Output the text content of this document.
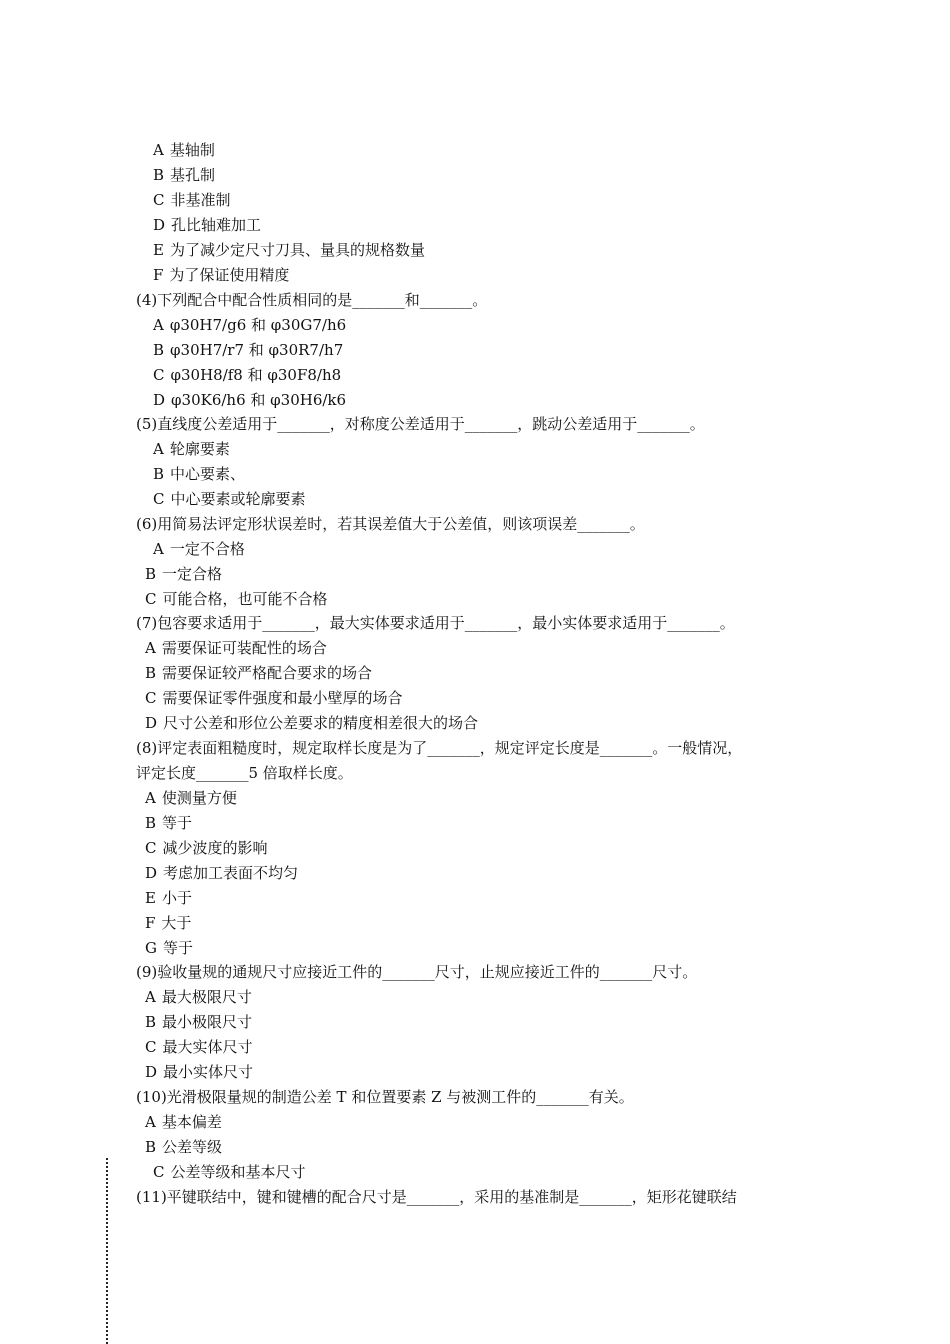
A 基轴制
B 基孔制
C 非基准制
D 孔比轴难加工
E 为了减少定尺寸刀具、量具的规格数量
F 为了保证使用精度
(4)下列配合中配合性质相同的是_______和_______。
A φ30H7/g6 和 φ30G7/h6
B φ30H7/r7 和 φ30R7/h7
C φ30H8/f8 和 φ30F8/h8
D φ30K6/h6 和 φ30H6/k6
(5)直线度公差适用于_______，对称度公差适用于_______，跳动公差适用于_______。
A 轮廓要素
B 中心要素、
C 中心要素或轮廓要素
(6)用简易法评定形状误差时，若其误差值大于公差值，则该项误差_______。
A 一定不合格
B 一定合格
C 可能合格，也可能不合格
(7)包容要求适用于_______，最大实体要求适用于_______，最小实体要求适用于_______。
A 需要保证可装配性的场合
B 需要保证较严格配合要求的场合
C 需要保证零件强度和最小壁厚的场合
D 尺寸公差和形位公差要求的精度相差很大的场合
(8)评定表面粗糙度时，规定取样长度是为了_______，规定评定长度是_______。一般情况，
评定长度_______5 倍取样长度。
A 使测量方便
B 等于
C 减少波度的影响
D 考虑加工表面不均匀
E 小于
F 大于
G 等于
(9)验收量规的通规尺寸应接近工件的_______尺寸，止规应接近工件的_______尺寸。
A 最大极限尺寸
B 最小极限尺寸
C 最大实体尺寸
D 最小实体尺寸
(10)光滑极限量规的制造公差 T 和位置要素 Z 与被测工件的_______有关。
A 基本偏差
B 公差等级
C 公差等级和基本尺寸
(11)平键联结中，键和键槽的配合尺寸是_______，采用的基准制是_______，矩形花键联结
